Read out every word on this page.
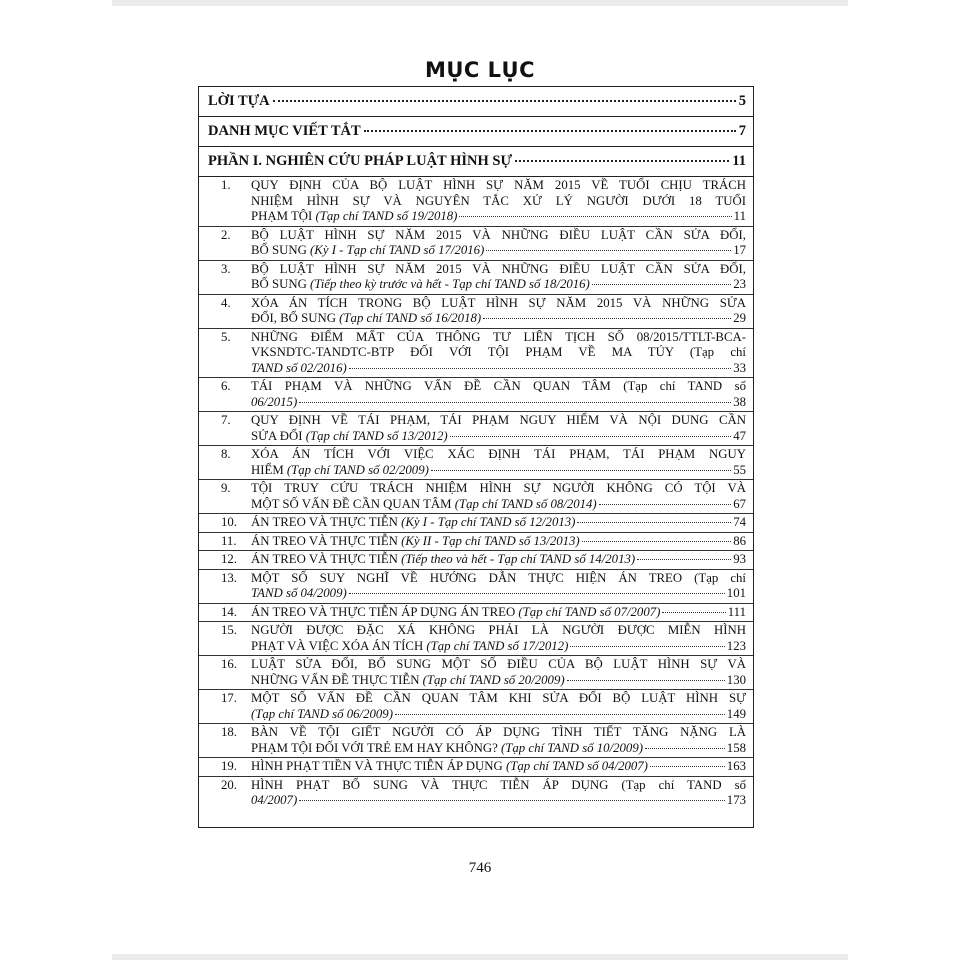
MỤC LỤC
LỜI TỰA	5
DANH MỤC VIẾT TẮT	7
PHẦN I. NGHIÊN CỨU PHÁP LUẬT HÌNH SỰ	11
1.	QUY ĐỊNH CỦA BỘ LUẬT HÌNH SỰ NĂM 2015 VỀ TUỔI CHỊU TRÁCH
NHIỆM HÌNH SỰ VÀ NGUYÊN TẮC XỬ LÝ NGƯỜI DƯỚI 18 TUỔI
PHẠM TỘI (Tạp chí TAND số 19/2018)	11
2.	BỘ LUẬT HÌNH SỰ NĂM 2015 VÀ NHỮNG ĐIỀU LUẬT CẦN SỬA ĐỔI,
BỔ SUNG (Kỳ I - Tạp chí TAND số 17/2016)	17
3.	BỘ LUẬT HÌNH SỰ NĂM 2015 VÀ NHỮNG ĐIỀU LUẬT CẦN SỬA ĐỔI,
BỔ SUNG (Tiếp theo kỳ trước và hết - Tạp chí TAND số 18/2016)	23
4.	XÓA ÁN TÍCH TRONG BỘ LUẬT HÌNH SỰ NĂM 2015 VÀ NHỮNG SỬA
ĐỔI, BỔ SUNG (Tạp chí TAND số 16/2018)	29
5.	NHỮNG ĐIỂM MẤT CỦA THÔNG TƯ LIÊN TỊCH SỐ 08/2015/TTLT-BCA-
VKSNDTC-TANDTC-BTP ĐỐI VỚI TỘI PHẠM VỀ MA TÚY (Tạp chí
TAND số 02/2016)	33
6.	TÁI PHẠM VÀ NHỮNG VẤN ĐỀ CẦN QUAN TÂM (Tạp chí TAND số
06/2015)	38
7.	QUY ĐỊNH VỀ TÁI PHẠM, TÁI PHẠM NGUY HIỂM VÀ NỘI DUNG CẦN
SỬA ĐỔI (Tạp chí TAND số 13/2012)	47
8.	XÓA ÁN TÍCH VỚI VIỆC XÁC ĐỊNH TÁI PHẠM, TÁI PHẠM NGUY
HIỂM (Tạp chí TAND số 02/2009)	55
9.	TỘI TRUY CỨU TRÁCH NHIỆM HÌNH SỰ NGƯỜI KHÔNG CÓ TỘI VÀ
MỘT SỐ VẤN ĐỀ CẦN QUAN TÂM (Tạp chí TAND số 08/2014)	67
10.	ÁN TREO VÀ THỰC TIỄN (Kỳ I - Tạp chí TAND số 12/2013)	74
11.	ÁN TREO VÀ THỰC TIỄN (Kỳ II - Tạp chí TAND số 13/2013)	86
12.	ÁN TREO VÀ THỰC TIỄN (Tiếp theo và hết - Tạp chí TAND số 14/2013)	93
13.	MỘT SỐ SUY NGHĨ VỀ HƯỚNG DẪN THỰC HIỆN ÁN TREO (Tạp chí
TAND số 04/2009)	101
14.	ÁN TREO VÀ THỰC TIỄN ÁP DỤNG ÁN TREO (Tạp chí TAND số 07/2007)	111
15.	NGƯỜI ĐƯỢC ĐẶC XÁ KHÔNG PHẢI LÀ NGƯỜI ĐƯỢC MIỄN HÌNH
PHẠT VÀ VIỆC XÓA ÁN TÍCH (Tạp chí TAND số 17/2012)	123
16.	LUẬT SỬA ĐỔI, BỔ SUNG MỘT SỐ ĐIỀU CỦA BỘ LUẬT HÌNH SỰ VÀ
NHỮNG VẤN ĐỀ THỰC TIỄN (Tạp chí TAND số 20/2009)	130
17.	MỘT SỐ VẤN ĐỀ CẦN QUAN TÂM KHI SỬA ĐỔI BỘ LUẬT HÌNH SỰ
(Tạp chí TAND số 06/2009)	149
18.	BÀN VỀ TỘI GIẾT NGƯỜI CÓ ÁP DỤNG TÌNH TIẾT TĂNG NẶNG LÀ
PHẠM TỘI ĐỐI VỚI TRẺ EM HAY KHÔNG? (Tạp chí TAND số 10/2009)	158
19.	HÌNH PHẠT TIỀN VÀ THỰC TIỄN ÁP DỤNG (Tạp chí TAND số 04/2007)	163
20.	HÌNH PHẠT BỔ SUNG VÀ THỰC TIỄN ÁP DỤNG (Tạp chí TAND số
04/2007)	173
746
